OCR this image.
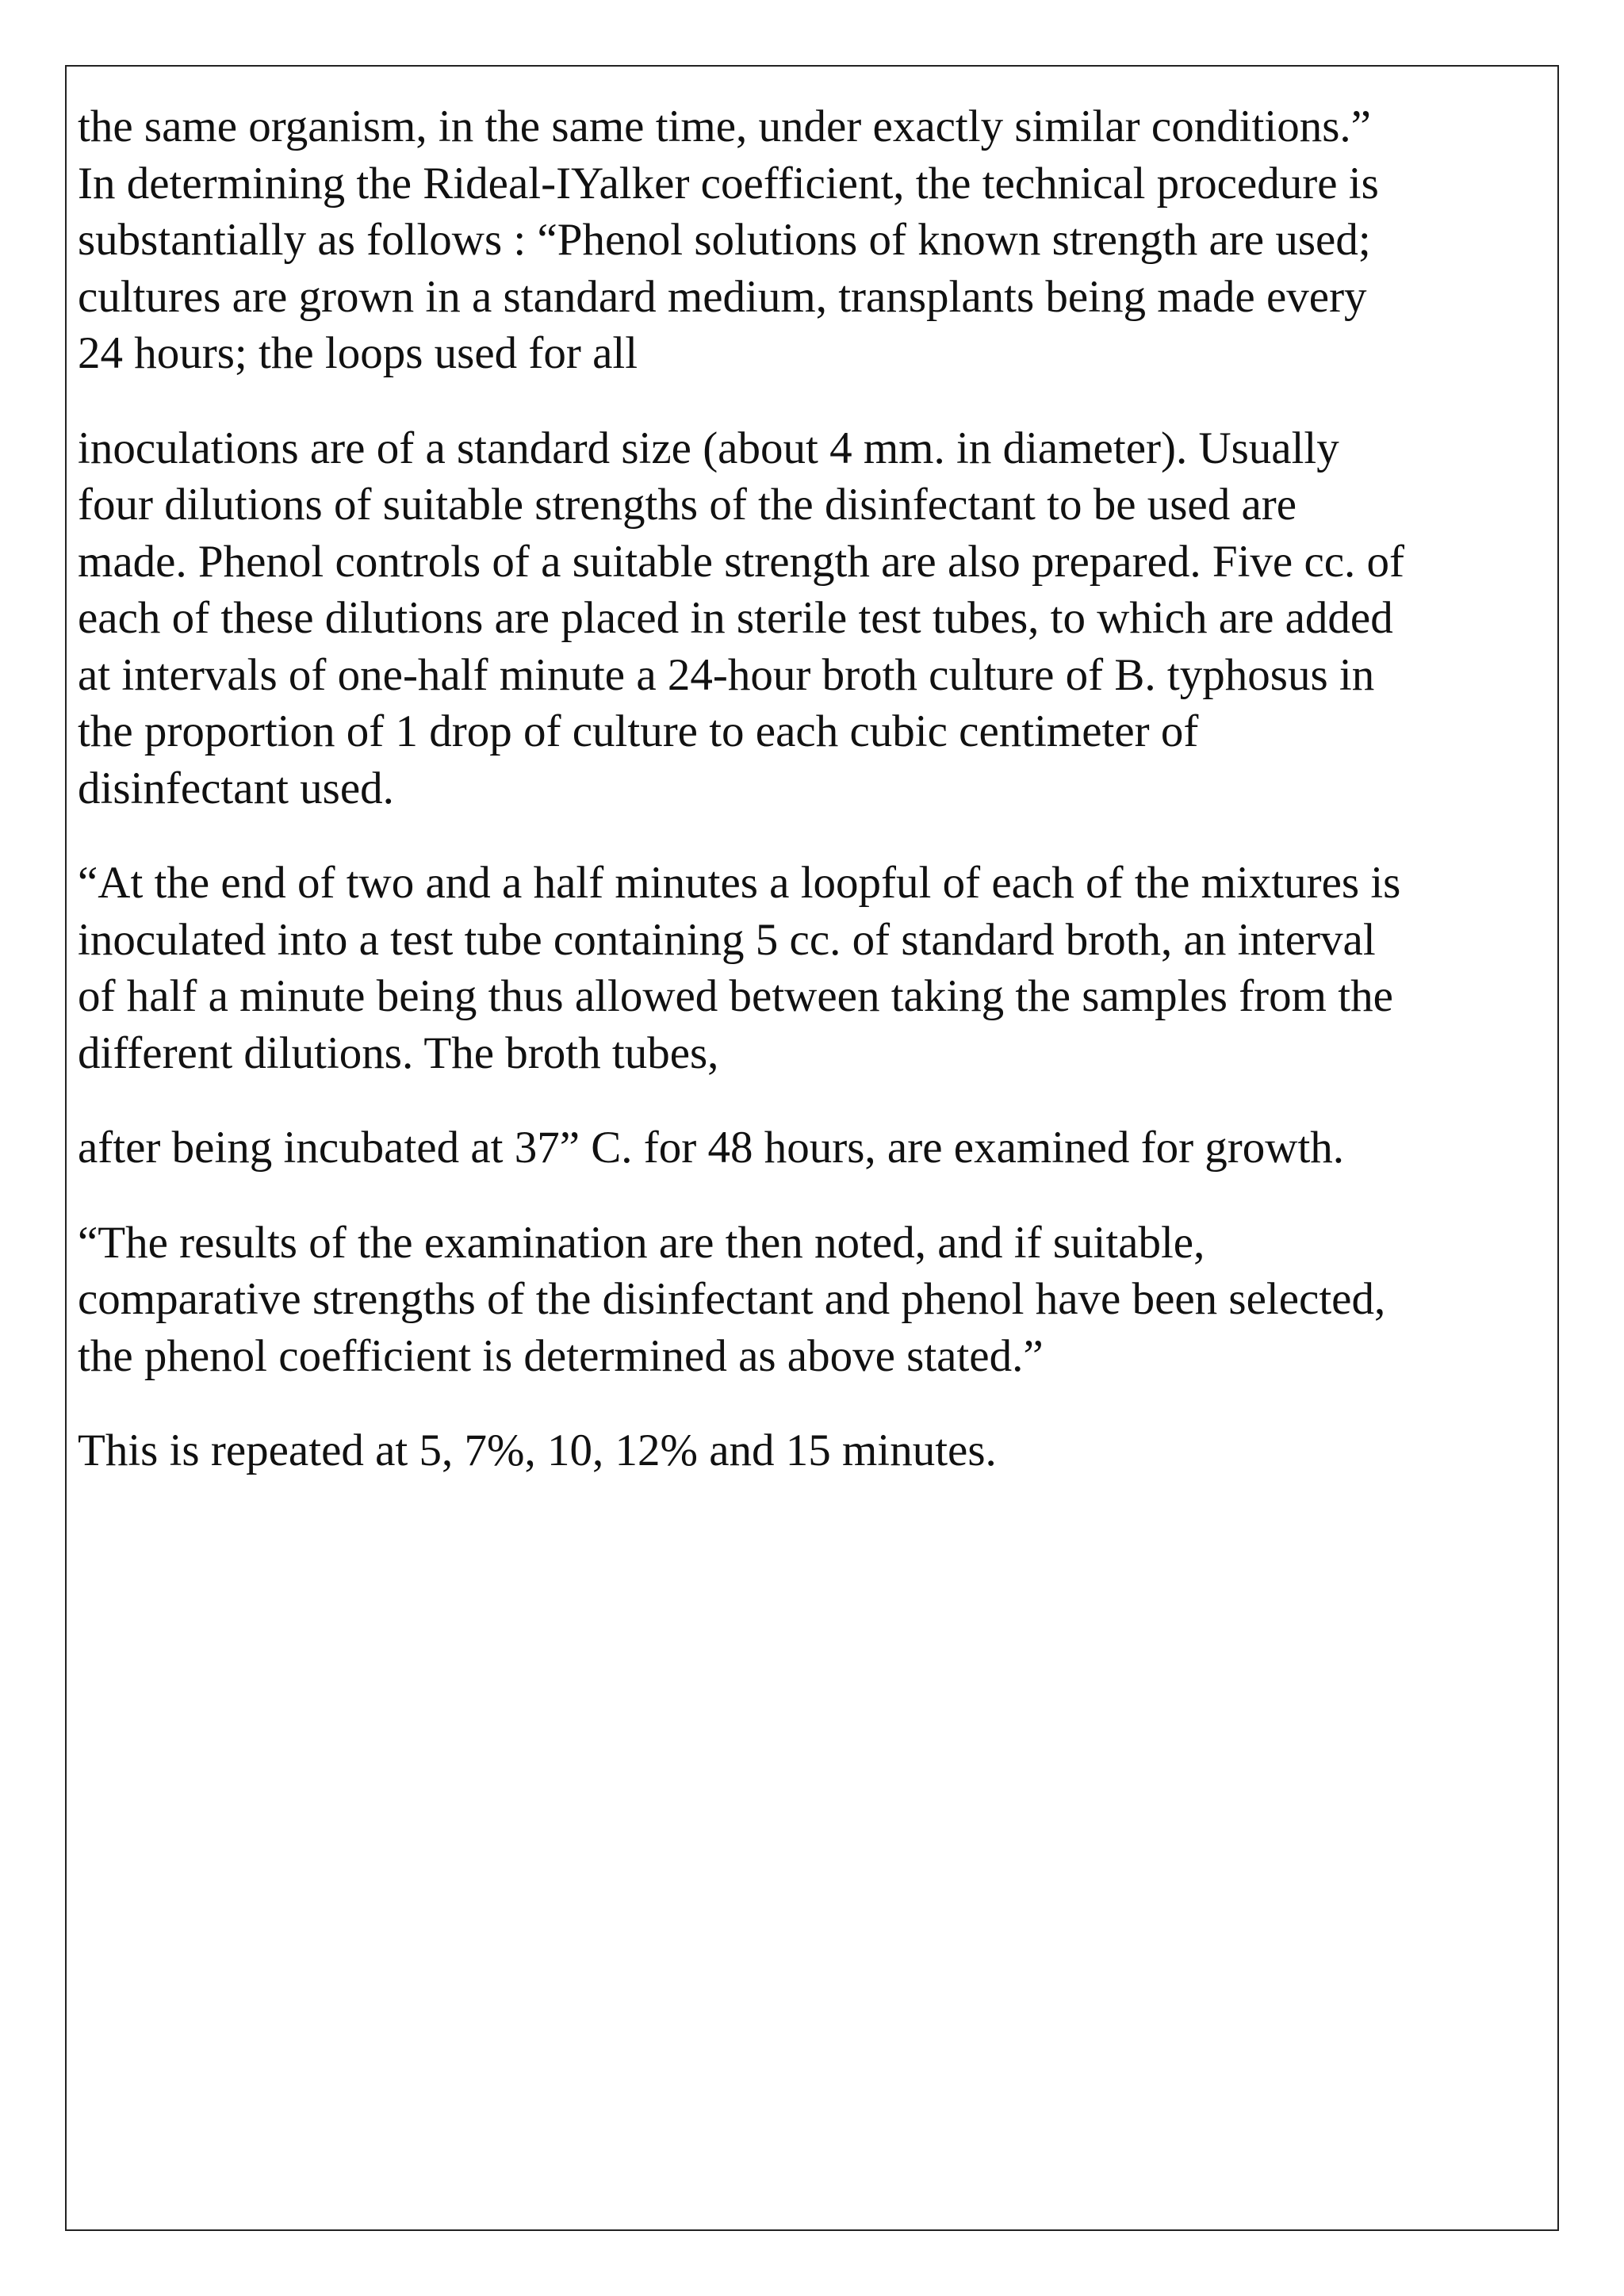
the same organism, in the same time, under exactly similar conditions.”
In determining the Rideal-IYalker coefficient, the technical procedure is
substantially as follows : “Phenol solutions of known strength are used;
cultures are grown in a standard medium, transplants being made every
24 hours; the loops used for all

inoculations are of a standard size (about 4 mm. in diameter). Usually
four dilutions of suitable strengths of the disinfectant to be used are
made. Phenol controls of a suitable strength are also prepared. Five cc. of
each of these dilutions are placed in sterile test tubes, to which are added
at intervals of one-half minute a 24-hour broth culture of B. typhosus in
the proportion of 1 drop of culture to each cubic centimeter of
disinfectant used.

“At the end of two and a half minutes a loopful of each of the mixtures is
inoculated into a test tube containing 5 cc. of standard broth, an interval
of half a minute being thus allowed between taking the samples from the
different dilutions. The broth tubes,

after being incubated at 37” C. for 48 hours, are examined for growth.

“The results of the examination are then noted, and if suitable,
comparative strengths of the disinfectant and phenol have been selected,
the phenol coefficient is determined as above stated.”

This is repeated at 5, 7%, 10, 12% and 15 minutes.
